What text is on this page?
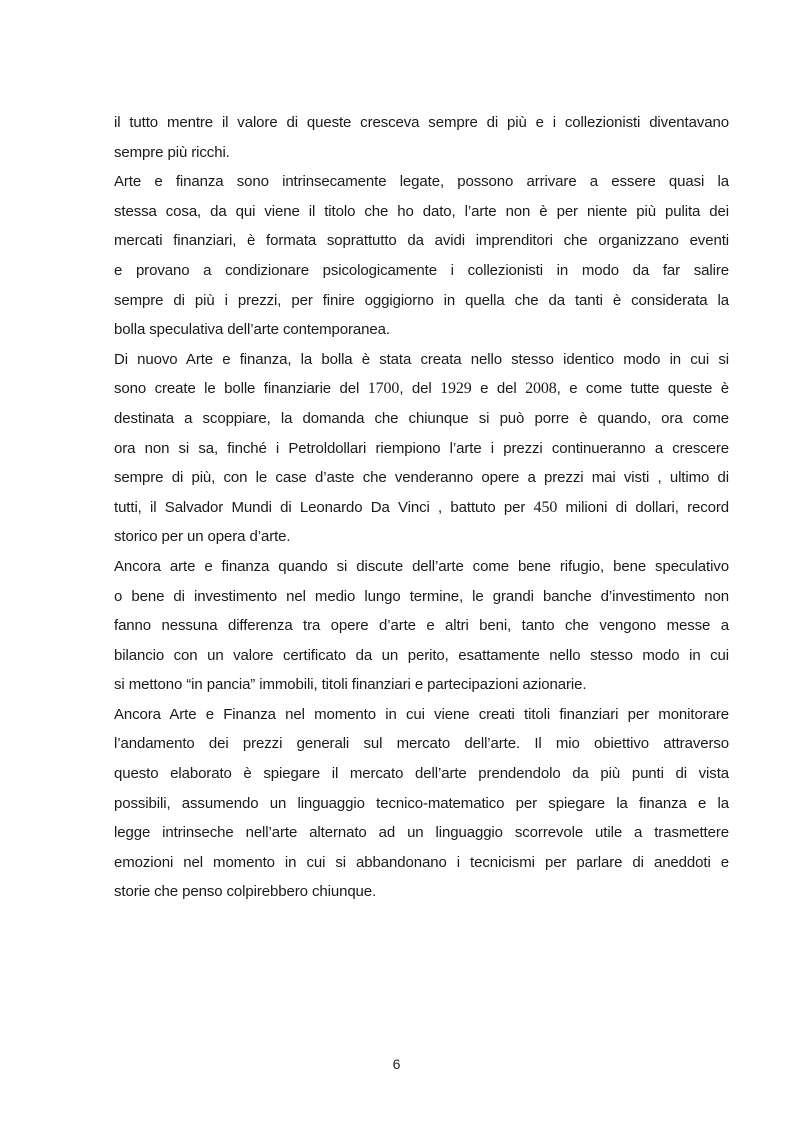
il tutto mentre il valore di queste cresceva sempre di più e i collezionisti diventavano
sempre più ricchi.
Arte e finanza sono intrinsecamente legate, possono arrivare a essere quasi la
stessa cosa, da qui viene il titolo che ho dato, l’arte non è per niente più pulita dei
mercati finanziari, è formata soprattutto da avidi imprenditori che organizzano eventi
e provano a condizionare psicologicamente i collezionisti in modo da far salire
sempre di più i prezzi, per finire oggigiorno in quella che da tanti è considerata la
bolla speculativa dell’arte contemporanea.
Di nuovo Arte e finanza, la bolla è stata creata nello stesso identico modo in cui si
sono create le bolle finanziarie del 1700, del 1929 e del 2008, e come tutte queste è
destinata a scoppiare, la domanda che chiunque si può porre è quando, ora come
ora non si sa, finché i Petroldollari riempiono l’arte i prezzi continueranno a crescere
sempre di più, con le case d’aste che venderanno opere a prezzi mai visti , ultimo di
tutti, il Salvador Mundi di Leonardo Da Vinci , battuto per 450 milioni di dollari, record
storico per un opera d’arte.
Ancora arte e finanza quando si discute dell’arte come bene rifugio, bene speculativo
o bene di investimento nel medio lungo termine, le grandi banche d’investimento non
fanno nessuna differenza tra opere d’arte e altri beni, tanto che vengono messe a
bilancio con un valore certificato da un perito, esattamente nello stesso modo in cui
si mettono “in pancia” immobili, titoli finanziari e partecipazioni azionarie.
Ancora Arte e Finanza nel momento in cui viene creati titoli finanziari per monitorare
l’andamento dei prezzi generali sul mercato dell’arte. Il mio obiettivo attraverso
questo elaborato è spiegare il mercato dell’arte prendendolo da più punti di vista
possibili, assumendo un linguaggio tecnico-matematico per spiegare la finanza e la
legge intrinseche nell’arte alternato ad un linguaggio scorrevole utile a trasmettere
emozioni nel momento in cui si abbandonano i tecnicismi per parlare di aneddoti e
storie che penso colpirebbero chiunque.
6
